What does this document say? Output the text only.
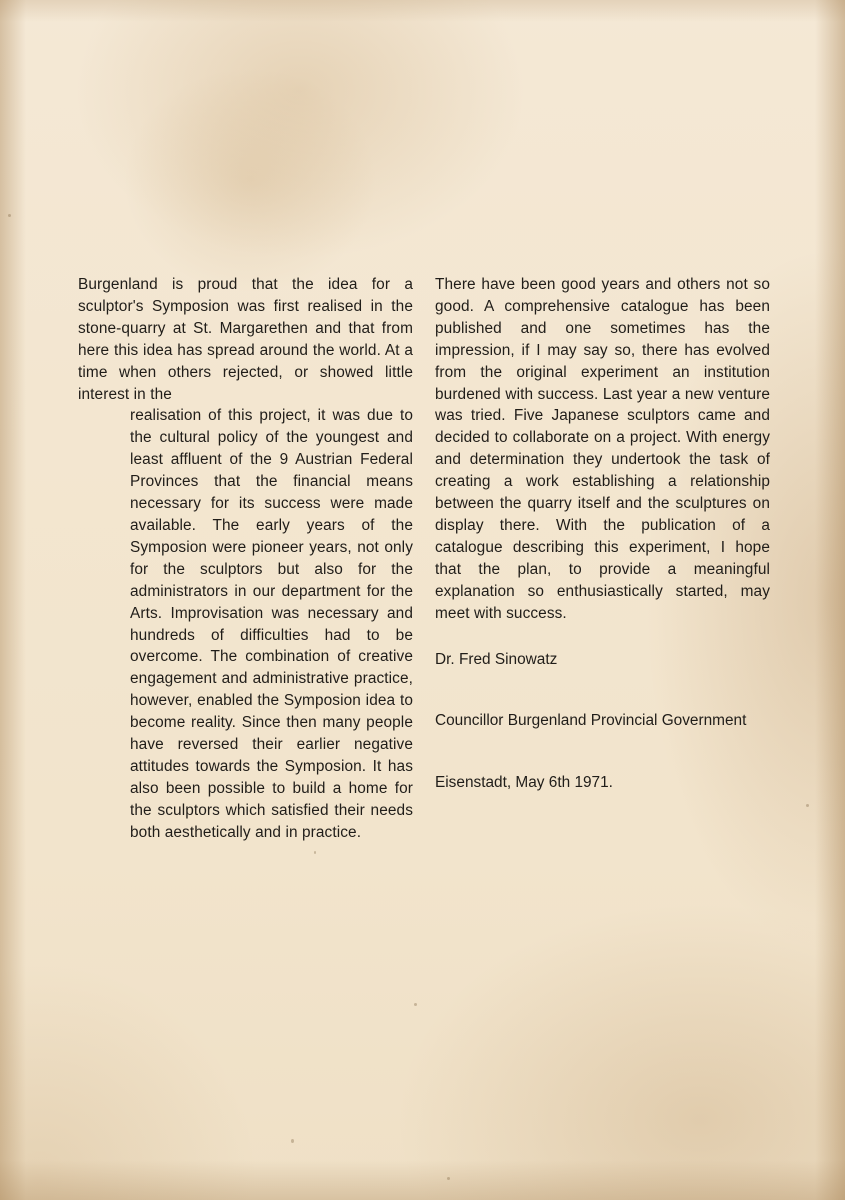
Burgenland is proud that the idea for a sculptor's Symposion was first realised in the stone-quarry at St. Margarethen and that from here this idea has spread around the world. At a time when others rejected, or showed little interest in the
realisation of this project, it was due to the cultural policy of the youngest and least affluent of the 9 Austrian Federal Provinces that the financial means necessary for its success were made available. The early years of the Symposion were pioneer years, not only for the sculptors but also for the administrators in our department for the Arts. Improvisation was necessary and hundreds of difficulties had to be overcome. The combination of creative engagement and administrative practice, however, enabled the Symposion idea to become reality. Since then many people have reversed their earlier negative attitudes towards the Symposion. It has also been possible to build a home for the sculptors which satisfied their needs both aesthetically and in practice.

There have been good years and others not so good. A comprehensive catalogue has been published and one sometimes has the impression, if I may say so, there has evolved from the original experiment an institution burdened with success. Last year a new venture was tried. Five Japanese sculptors came and decided to collaborate on a project. With energy and determination they undertook the task of creating a work establishing a relationship between the quarry itself and the sculptures on display there. With the publication of a catalogue describing this experiment, I hope that the plan, to provide a meaningful explanation so enthusiastically started, may meet with success.

Dr. Fred Sinowatz
Councillor Burgenland Provincial Government
Eisenstadt, May 6th 1971.
